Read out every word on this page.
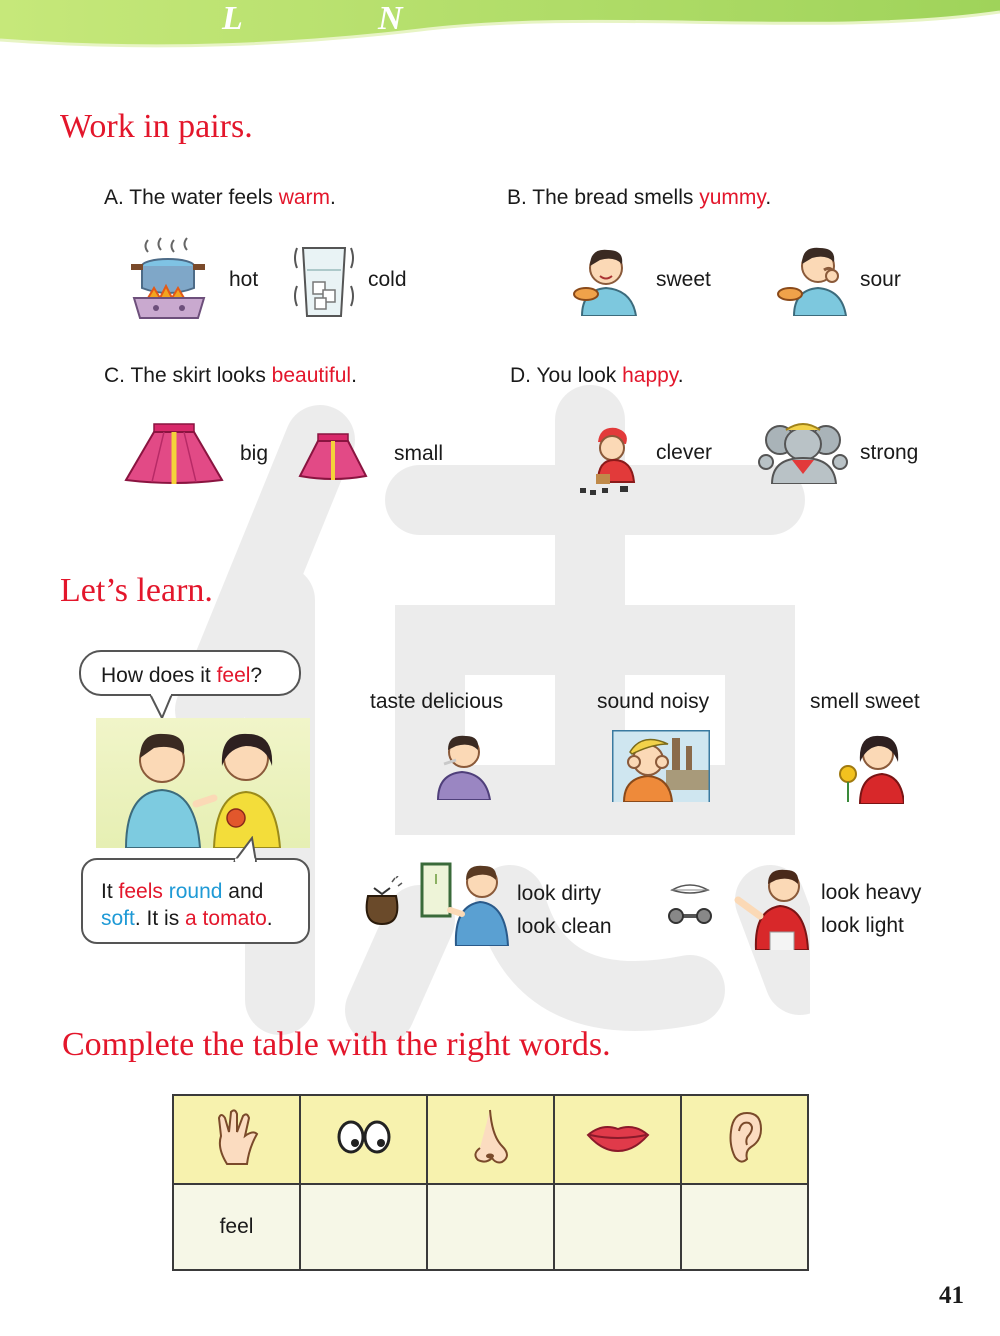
L	N
Work in pairs.
A. The water feels warm.	B. The bread smells yummy.
hot	cold	sweet	sour
C. The skirt looks beautiful.	D. You look happy.
big	small	clever	strong
Let’s learn.
How does it feel?
It feels round and
soft. It is a tomato.
taste delicious	sound noisy	smell sweet
look dirty
look clean
look heavy
look light
Complete the table with the right words.

feel				
41
